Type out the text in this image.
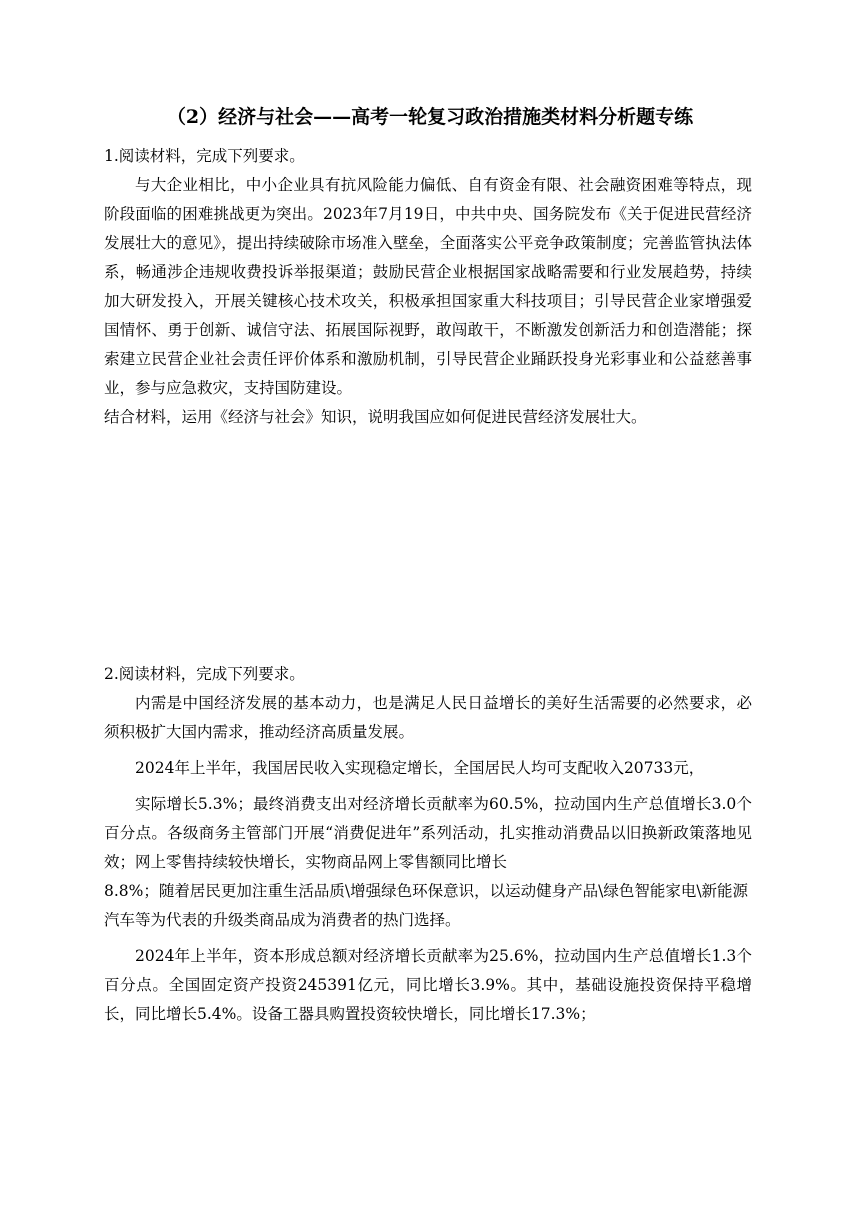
（2）经济与社会——高考一轮复习政治措施类材料分析题专练

1.阅读材料，完成下列要求。

与大企业相比，中小企业具有抗风险能力偏低、自有资金有限、社会融资困难等特点，现阶段面临的困难挑战更为突出。2023年7月19日，中共中央、国务院发布《关于促进民营经济发展壮大的意见》，提出持续破除市场准入壁垒，全面落实公平竞争政策制度；完善监管执法体系，畅通涉企违规收费投诉举报渠道；鼓励民营企业根据国家战略需要和行业发展趋势，持续加大研发投入，开展关键核心技术攻关，积极承担国家重大科技项目；引导民营企业家增强爱国情怀、勇于创新、诚信守法、拓展国际视野，敢闯敢干，不断激发创新活力和创造潜能；探索建立民营企业社会责任评价体系和激励机制，引导民营企业踊跃投身光彩事业和公益慈善事业，参与应急救灾，支持国防建设。

结合材料，运用《经济与社会》知识，说明我国应如何促进民营经济发展壮大。

2.阅读材料，完成下列要求。

内需是中国经济发展的基本动力，也是满足人民日益增长的美好生活需要的必然要求，必须积极扩大国内需求，推动经济高质量发展。

2024年上半年，我国居民收入实现稳定增长，全国居民人均可支配收入20733元，

实际增长5.3%；最终消费支出对经济增长贡献率为60.5%，拉动国内生产总值增长3.0个百分点。各级商务主管部门开展“消费促进年”系列活动，扎实推动消费品以旧换新政策落地见效；网上零售持续较快增长，实物商品网上零售额同比增长

8.8%；随着居民更加注重生活品质\增强绿色环保意识，以运动健身产品\绿色智能家电\新能源汽车等为代表的升级类商品成为消费者的热门选择。

2024年上半年，资本形成总额对经济增长贡献率为25.6%，拉动国内生产总值增长1.3个百分点。全国固定资产投资245391亿元，同比增长3.9%。其中，基础设施投资保持平稳增长，同比增长5.4%。设备工器具购置投资较快增长，同比增长17.3%；
